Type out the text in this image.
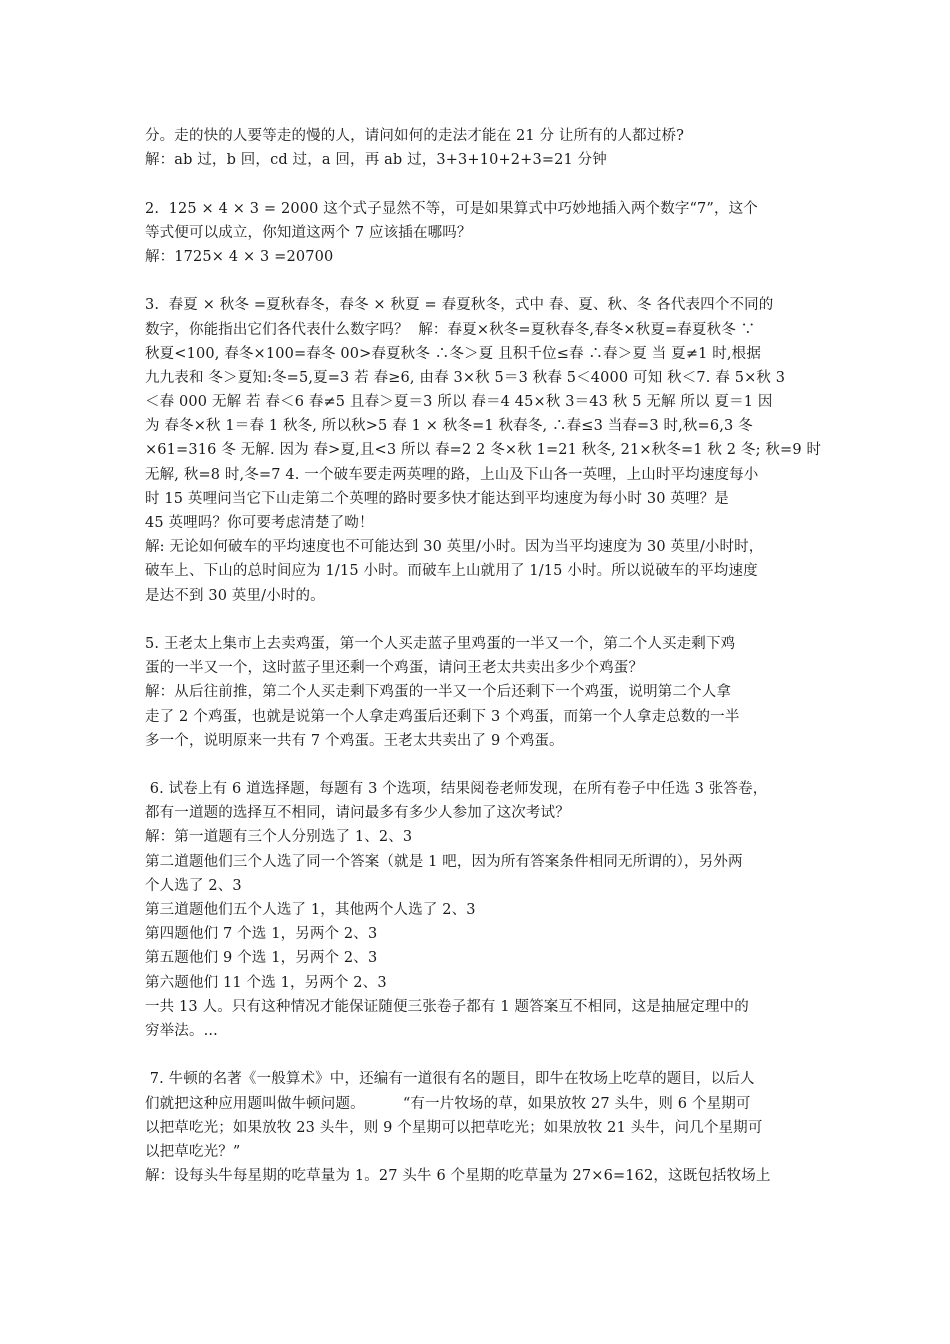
分。走的快的人要等走的慢的人，请问如何的走法才能在 21 分 让所有的人都过桥?
解：ab 过，b 回，cd 过，a 回，再 ab 过，3+3+10+2+3=21 分钟
2.  125 × 4 × 3 = 2000 这个式子显然不等，可是如果算式中巧妙地插入两个数字“7”，这个
等式便可以成立，你知道这两个 7 应该插在哪吗？
解：1725× 4 × 3 =20700
3.  春夏 × 秋冬 =夏秋春冬，春冬 × 秋夏 = 春夏秋冬，式中 春、夏、秋、冬 各代表四个不同的
数字，你能指出它们各代表什么数字吗？  解：春夏×秋冬=夏秋春冬,春冬×秋夏=春夏秋冬 ∵
秋夏<100, 春冬×100=春冬 00>春夏秋冬 ∴冬＞夏 且积千位≤春 ∴春＞夏 当 夏≠1 时,根据
九九表和 冬＞夏知:冬=5,夏=3 若 春≥6, 由春 3×秋 5＝3 秋春 5＜4000 可知 秋＜7. 春 5×秋 3
＜春 000 无解 若 春＜6 春≠5 且春＞夏＝3 所以 春＝4 45×秋 3＝43 秋 5 无解 所以 夏＝1 因
为 春冬×秋 1＝春 1 秋冬, 所以秋>5 春 1 × 秋冬=1 秋春冬, ∴春≤3 当春=3 时,秋=6,3 冬
×61=316 冬 无解. 因为 春>夏,且<3 所以 春=2 2 冬×秋 1=21 秋冬, 21×秋冬=1 秋 2 冬; 秋=9 时
无解, 秋=8 时,冬=7 4. 一个破车要走两英哩的路，上山及下山各一英哩，上山时平均速度每小
时 15 英哩问当它下山走第二个英哩的路时要多快才能达到平均速度为每小时 30 英哩？是
45 英哩吗？你可要考虑清楚了呦！
解: 无论如何破车的平均速度也不可能达到 30 英里/小时。因为当平均速度为 30 英里/小时时，
破车上、下山的总时间应为 1/15 小时。而破车上山就用了 1/15 小时。所以说破车的平均速度
是达不到 30 英里/小时的。
5. 王老太上集市上去卖鸡蛋，第一个人买走蓝子里鸡蛋的一半又一个，第二个人买走剩下鸡
蛋的一半又一个，这时蓝子里还剩一个鸡蛋，请问王老太共卖出多少个鸡蛋？
解：从后往前推，第二个人买走剩下鸡蛋的一半又一个后还剩下一个鸡蛋，说明第二个人拿
走了 2 个鸡蛋，也就是说第一个人拿走鸡蛋后还剩下 3 个鸡蛋，而第一个人拿走总数的一半
多一个，说明原来一共有 7 个鸡蛋。王老太共卖出了 9 个鸡蛋。
6. 试卷上有 6 道选择题，每题有 3 个选项，结果阅卷老师发现，在所有卷子中任选 3 张答卷，
都有一道题的选择互不相同，请问最多有多少人参加了这次考试？
解：第一道题有三个人分别选了 1、2、3
第二道题他们三个人选了同一个答案（就是 1 吧，因为所有答案条件相同无所谓的），另外两
个人选了 2、3
第三道题他们五个人选了 1，其他两个人选了 2、3
第四题他们 7 个选 1，另两个 2、3
第五题他们 9 个选 1，另两个 2、3
第六题他们 11 个选 1，另两个 2、3
一共 13 人。只有这种情况才能保证随便三张卷子都有 1 题答案互不相同，这是抽屉定理中的
穷举法。...
7. 牛顿的名著《一般算术》中，还编有一道很有名的题目，即牛在牧场上吃草的题目，以后人
们就把这种应用题叫做牛顿问题。        “有一片牧场的草，如果放牧 27 头牛，则 6 个星期可
以把草吃光；如果放牧 23 头牛，则 9 个星期可以把草吃光；如果放牧 21 头牛，问几个星期可
以把草吃光？”
解：设每头牛每星期的吃草量为 1。27 头牛 6 个星期的吃草量为 27×6=162，这既包括牧场上
